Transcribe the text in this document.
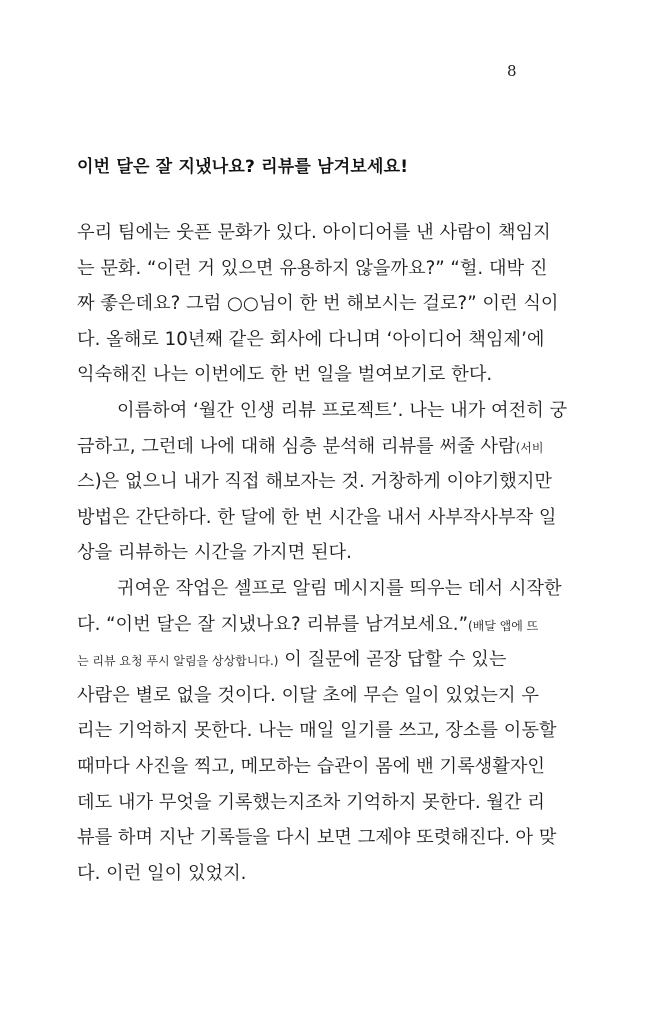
8
이번 달은 잘 지냈나요? 리뷰를 남겨보세요!
우리 팀에는 웃픈 문화가 있다. 아이디어를 낸 사람이 책임지
는 문화. “이런 거 있으면 유용하지 않을까요?” “헐. 대박 진
짜 좋은데요? 그럼 ○○님이 한 번 해보시는 걸로?” 이런 식이
다. 올해로 10년째 같은 회사에 다니며 ‘아이디어 책임제’에
익숙해진 나는 이번에도 한 번 일을 벌여보기로 한다.
이름하여 ‘월간 인생 리뷰 프로젝트’. 나는 내가 여전히 궁
금하고, 그런데 나에 대해 심층 분석해 리뷰를 써줄 사람(서비
스)은 없으니 내가 직접 해보자는 것. 거창하게 이야기했지만
방법은 간단하다. 한 달에 한 번 시간을 내서 사부작사부작 일
상을 리뷰하는 시간을 가지면 된다.
귀여운 작업은 셀프로 알림 메시지를 띄우는 데서 시작한
다. “이번 달은 잘 지냈나요? 리뷰를 남겨보세요.”(배달 앱에 뜨
는 리뷰 요청 푸시 알림을 상상합니다.) 이 질문에 곧장 답할 수 있는
사람은 별로 없을 것이다. 이달 초에 무슨 일이 있었는지 우
리는 기억하지 못한다. 나는 매일 일기를 쓰고, 장소를 이동할
때마다 사진을 찍고, 메모하는 습관이 몸에 밴 기록생활자인
데도 내가 무엇을 기록했는지조차 기억하지 못한다. 월간 리
뷰를 하며 지난 기록들을 다시 보면 그제야 또렷해진다. 아 맞
다. 이런 일이 있었지.
